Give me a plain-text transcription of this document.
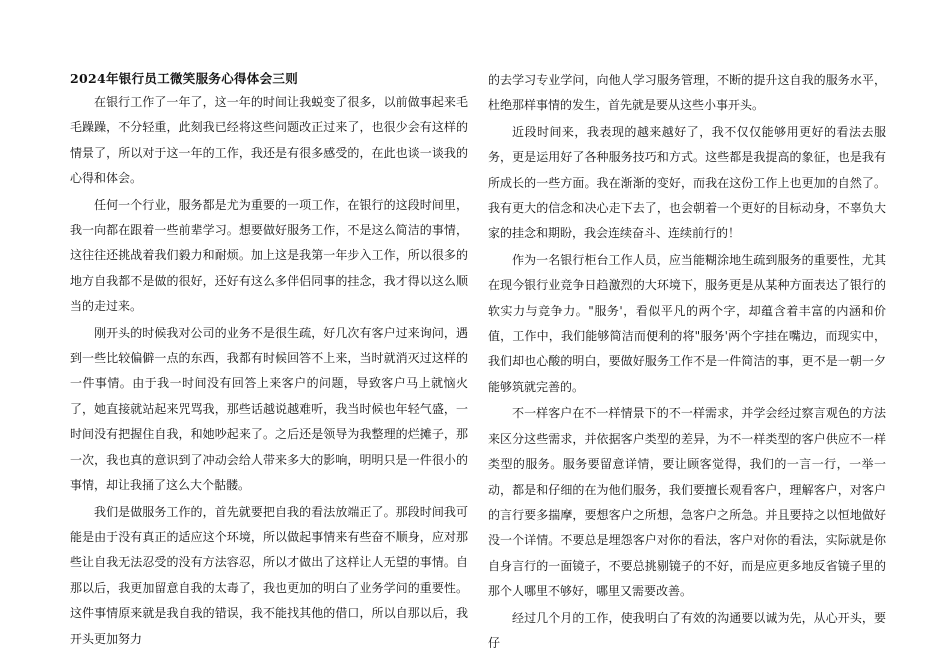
2024年银行员工微笑服务心得体会三则

在银行工作了一年了，这一年的时间让我蜕变了很多，以前做事起来毛毛躁躁，不分轻重，此刻我已经将这些问题改正过来了，也很少会有这样的情景了，所以对于这一年的工作，我还是有很多感受的，在此也谈一谈我的心得和体会。

任何一个行业，服务都是尤为重要的一项工作，在银行的这段时间里，我一向都在跟着一些前辈学习。想要做好服务工作，不是这么简洁的事情，这往往还挑战着我们毅力和耐烦。加上这是我第一年步入工作，所以很多的地方自我都不是做的很好，还好有这么多伴侣同事的挂念，我才得以这么顺当的走过来。

刚开头的时候我对公司的业务不是很生疏，好几次有客户过来询问，遇到一些比较偏僻一点的东西，我都有时候回答不上来，当时就消灭过这样的一件事情。由于我一时间没有回答上来客户的问题，导致客户马上就恼火了，她直接就站起来咒骂我，那些话越说越难听，我当时候也年轻气盛，一时间没有把握住自我，和她吵起来了。之后还是领导为我整理的烂摊子，那一次，我也真的意识到了冲动会给人带来多大的影响，明明只是一件很小的事情，却让我捅了这么大个骷髅。

我们是做服务工作的，首先就要把自我的看法放端正了。那段时间我可能是由于没有真正的适应这个环境，所以做起事情来有些奋不顺身，应对那些让自我无法忍受的没有方法容忍，所以才做出了这样让人无望的事情。自那以后，我更加留意自我的太毒了，我也更加的明白了业务学问的重要性。这件事情原来就是我自我的错误，我不能找其他的借口，所以自那以后，我开头更加努力

的去学习专业学问，向他人学习服务管理，不断的提升这自我的服务水平，杜绝那样事情的发生，首先就是要从这些小事开头。

近段时间来，我表现的越来越好了，我不仅仅能够用更好的看法去服务，更是运用好了各种服务技巧和方式。这些都是我提高的象征，也是我有所成长的一些方面。我在渐渐的变好，而我在这份工作上也更加的自然了。我有更大的信念和决心走下去了，也会朝着一个更好的目标动身，不辜负大家的挂念和期盼，我会连续奋斗、连续前行的！

作为一名银行柜台工作人员，应当能糊涂地生疏到服务的重要性，尤其在现今银行业竞争日趋激烈的大环境下，服务更是从某种方面表达了银行的软实力与竞争力。"服务'，看似平凡的两个字，却蕴含着丰富的内涵和价值，工作中，我们能够简洁而便利的将"服务'两个字挂在嘴边，而现实中，我们却也心酸的明白，要做好服务工作不是一件简洁的事，更不是一朝一夕能够筑就完善的。

不一样客户在不一样情景下的不一样需求，并学会经过察言观色的方法来区分这些需求，并依据客户类型的差异，为不一样类型的客户供应不一样类型的服务。服务要留意详情，要让顾客觉得，我们的一言一行，一举一动，都是和仔细的在为他们服务，我们要擅长观看客户，理解客户，对客户的言行要多揣摩，要想客户之所想，急客户之所急。并且要持之以恒地做好没一个详情。不要总是埋怨客户对你的看法，客户对你的看法，实际就是你自身言行的一面镜子，不要总挑剔镜子的不好，而是应更多地反省镜子里的那个人哪里不够好，哪里又需要改善。

经过几个月的工作，使我明白了有效的沟通要以诚为先，从心开头，要仔
